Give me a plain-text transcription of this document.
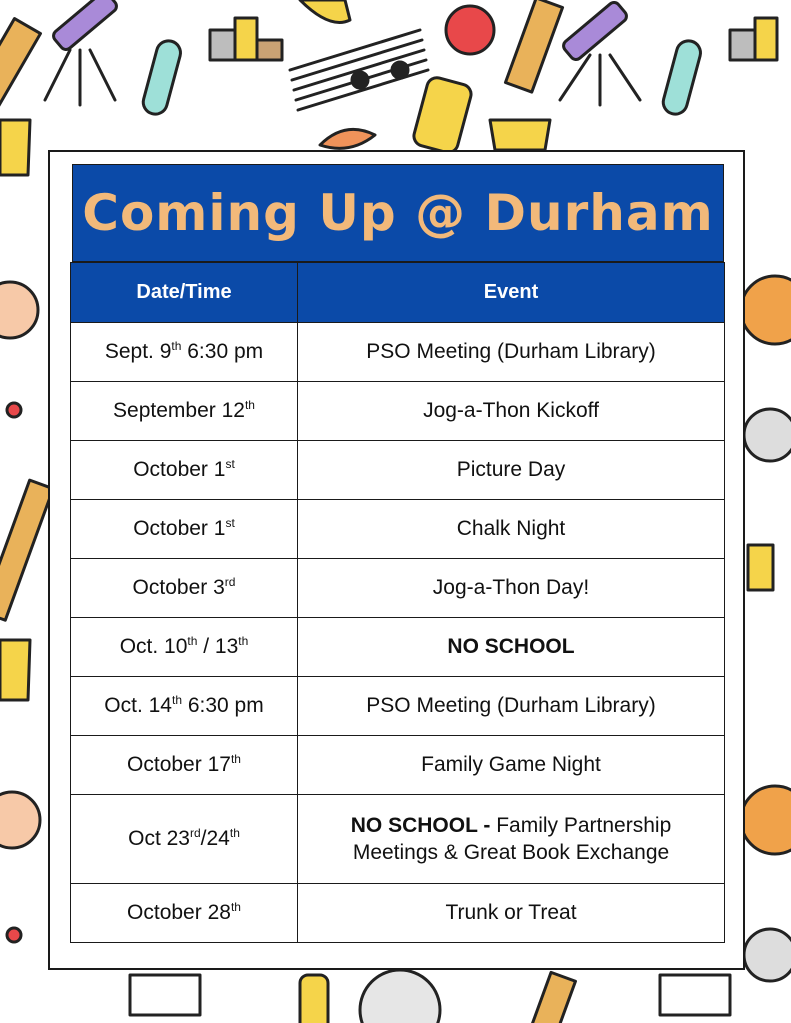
Coming Up @ Durham
Date/Time	Event
Sept. 9th 6:30 pm	PSO Meeting (Durham Library)
September 12th	Jog-a-Thon Kickoff
October 1st	Picture Day
October 1st	Chalk Night
October 3rd	Jog-a-Thon Day!
Oct. 10th / 13th	NO SCHOOL
Oct. 14th 6:30 pm	PSO Meeting (Durham Library)
October 17th	Family Game Night
Oct 23rd/24th	NO SCHOOL - Family Partnership Meetings & Great Book Exchange
October 28th	Trunk or Treat
